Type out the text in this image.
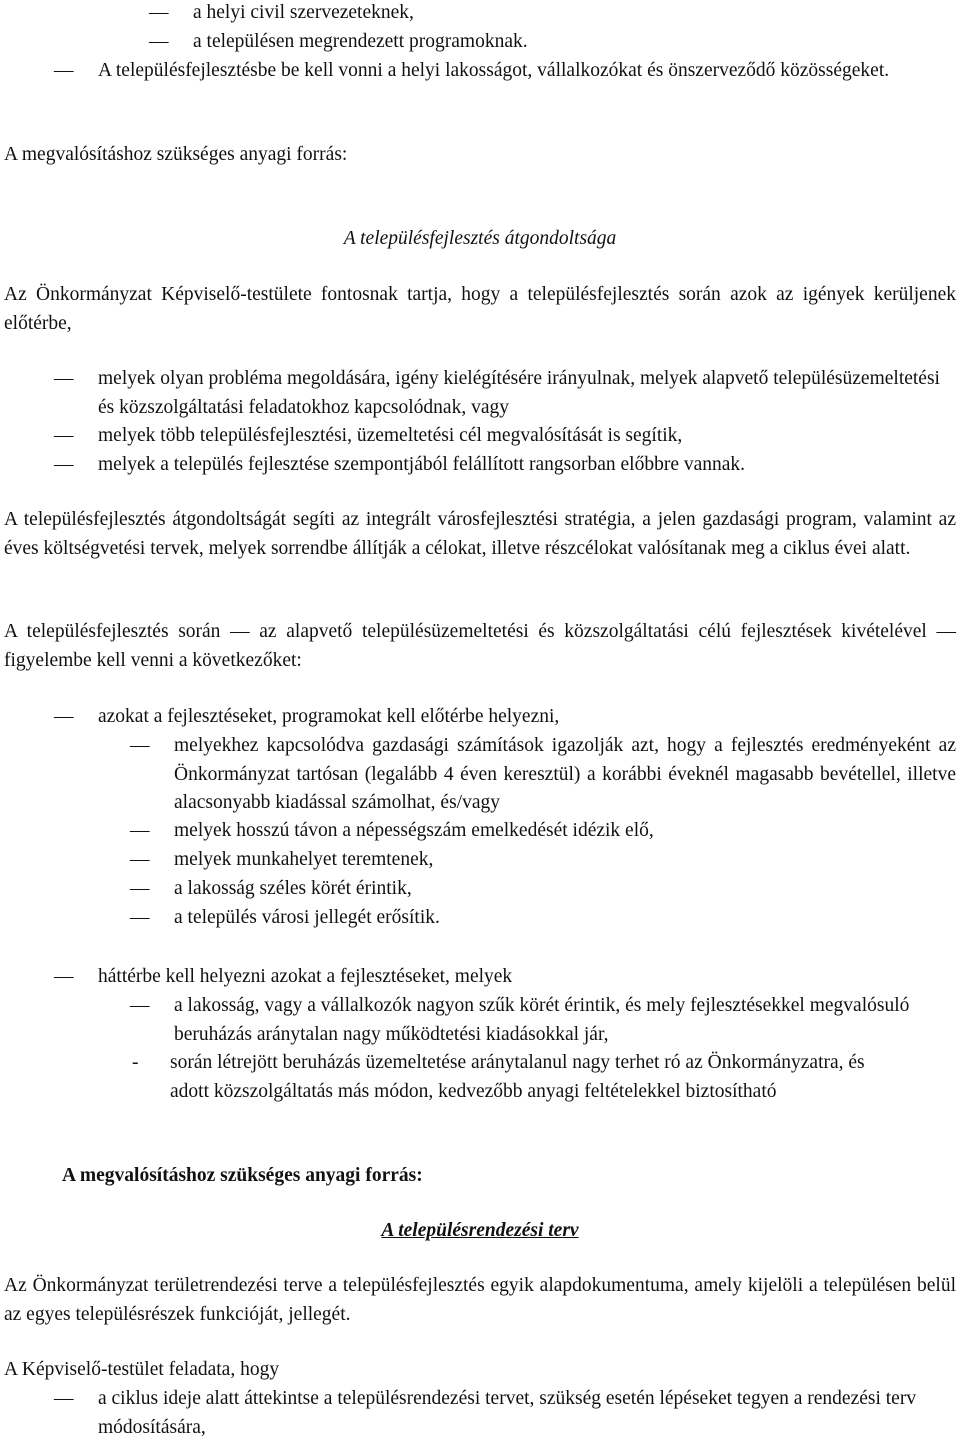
― a helyi civil szervezeteknek,
― a településen megrendezett programoknak.
― A településfejlesztésbe be kell vonni a helyi lakosságot, vállalkozókat és önszerveződő közösségeket.
A megvalósításhoz szükséges anyagi forrás:
A településfejlesztés átgondoltsága
Az Önkormányzat Képviselő-testülete fontosnak tartja, hogy a településfejlesztés során azok az igények kerüljenek előtérbe,
― melyek olyan probléma megoldására, igény kielégítésére irányulnak, melyek alapvető településüzemeltetési és közszolgáltatási feladatokhoz kapcsolódnak, vagy
― melyek több településfejlesztési, üzemeltetési cél megvalósítását is segítik,
― melyek a település fejlesztése szempontjából felállított rangsorban előbbre vannak.
A településfejlesztés átgondoltságát segíti az integrált városfejlesztési stratégia, a jelen gazdasági program, valamint az éves költségvetési tervek, melyek sorrendbe állítják a célokat, illetve részcélokat valósítanak meg a ciklus évei alatt.
A településfejlesztés során ― az alapvető településüzemeltetési és közszolgáltatási célú fejlesztések kivételével ― figyelembe kell venni a következőket:
― azokat a fejlesztéseket, programokat kell előtérbe helyezni,
― melyekhez kapcsolódva gazdasági számítások igazolják azt, hogy a fejlesztés eredményeként az Önkormányzat tartósan (legalább 4 éven keresztül) a korábbi éveknél magasabb bevétellel, illetve alacsonyabb kiadással számolhat, és/vagy
― melyek hosszú távon a népességszám emelkedését idézik elő,
― melyek munkahelyet teremtenek,
― a lakosság széles körét érintik,
― a település városi jellegét erősítik.
― háttérbe kell helyezni azokat a fejlesztéseket, melyek
― a lakosság, vagy a vállalkozók nagyon szűk körét érintik, és mely fejlesztésekkel megvalósuló beruházás aránytalan nagy működtetési kiadásokkal jár,
-	során létrejött beruházás üzemeltetése aránytalanul nagy terhet ró az Önkormányzatra, és adott közszolgáltatás más módon, kedvezőbb anyagi feltételekkel biztosítható
A megvalósításhoz szükséges anyagi forrás:
A településrendezési terv
Az Önkormányzat területrendezési terve a településfejlesztés egyik alapdokumentuma, amely kijelöli a településen belül az egyes településrészek funkcióját, jellegét.
A Képviselő-testület feladata, hogy
― a ciklus ideje alatt áttekintse a településrendezési tervet, szükség esetén lépéseket tegyen a rendezési terv módosítására,
